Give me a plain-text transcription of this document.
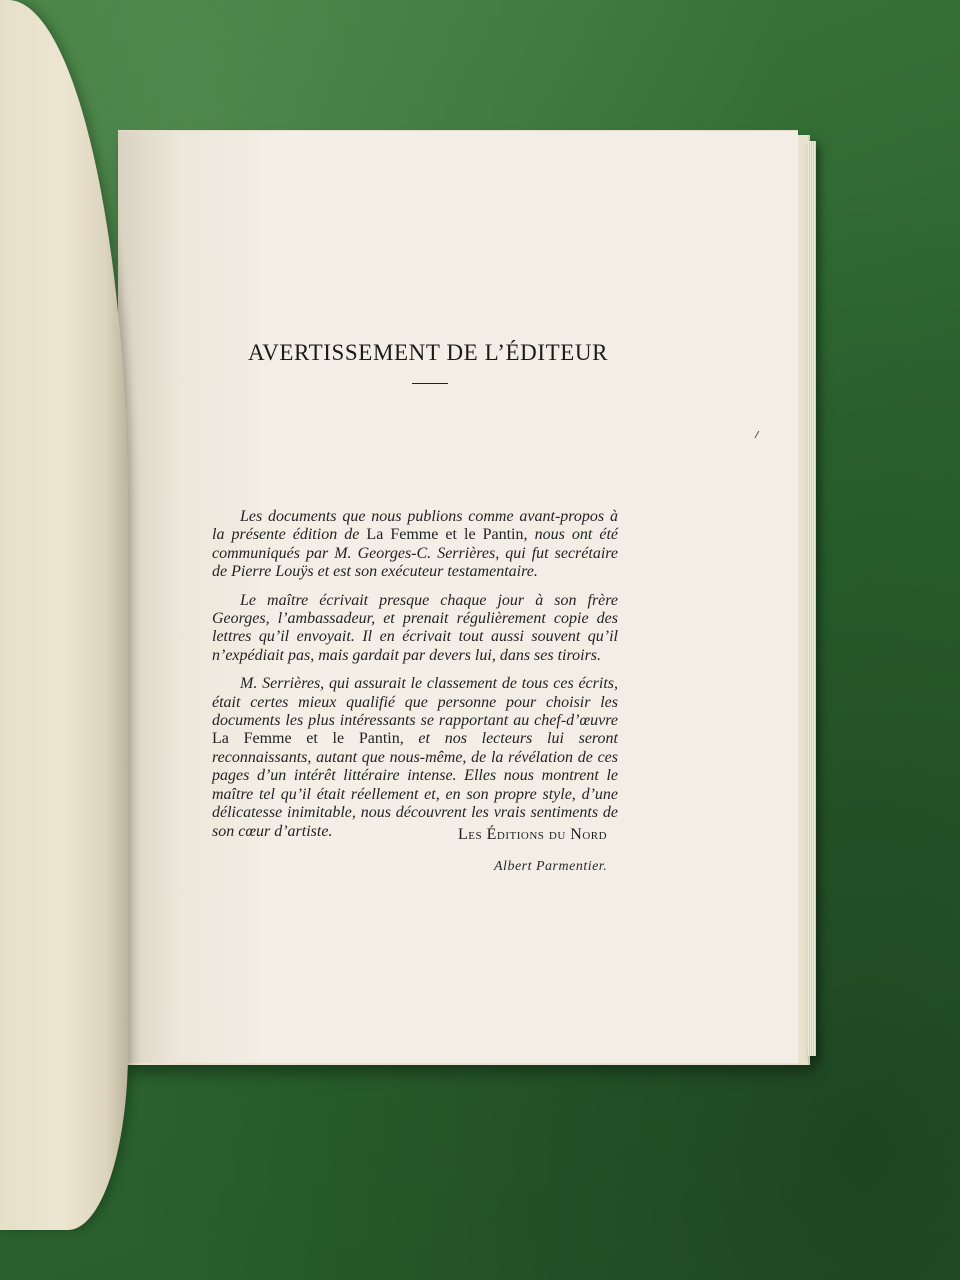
AVERTISSEMENT DE L’ÉDITEUR

Les documents que nous publions comme avant-propos à la présente édition de La Femme et le Pantin, nous ont été communiqués par M. Georges-C. Serrières, qui fut secrétaire de Pierre Louÿs et est son exécuteur testamentaire.

Le maître écrivait presque chaque jour à son frère Georges, l’ambassadeur, et prenait régulièrement copie des lettres qu’il envoyait. Il en écrivait tout aussi souvent qu’il n’expédiait pas, mais gardait par devers lui, dans ses tiroirs.

M. Serrières, qui assurait le classement de tous ces écrits, était certes mieux qualifié que personne pour choisir les documents les plus intéressants se rapportant au chef-d’œuvre La Femme et le Pantin, et nos lecteurs lui seront reconnaissants, autant que nous-même, de la révélation de ces pages d’un intérêt littéraire intense. Elles nous montrent le maître tel qu’il était réellement et, en son propre style, d’une délicatesse inimitable, nous découvrent les vrais sentiments de son cœur d’artiste.	Les Éditions du Nord
Albert Parmentier.
